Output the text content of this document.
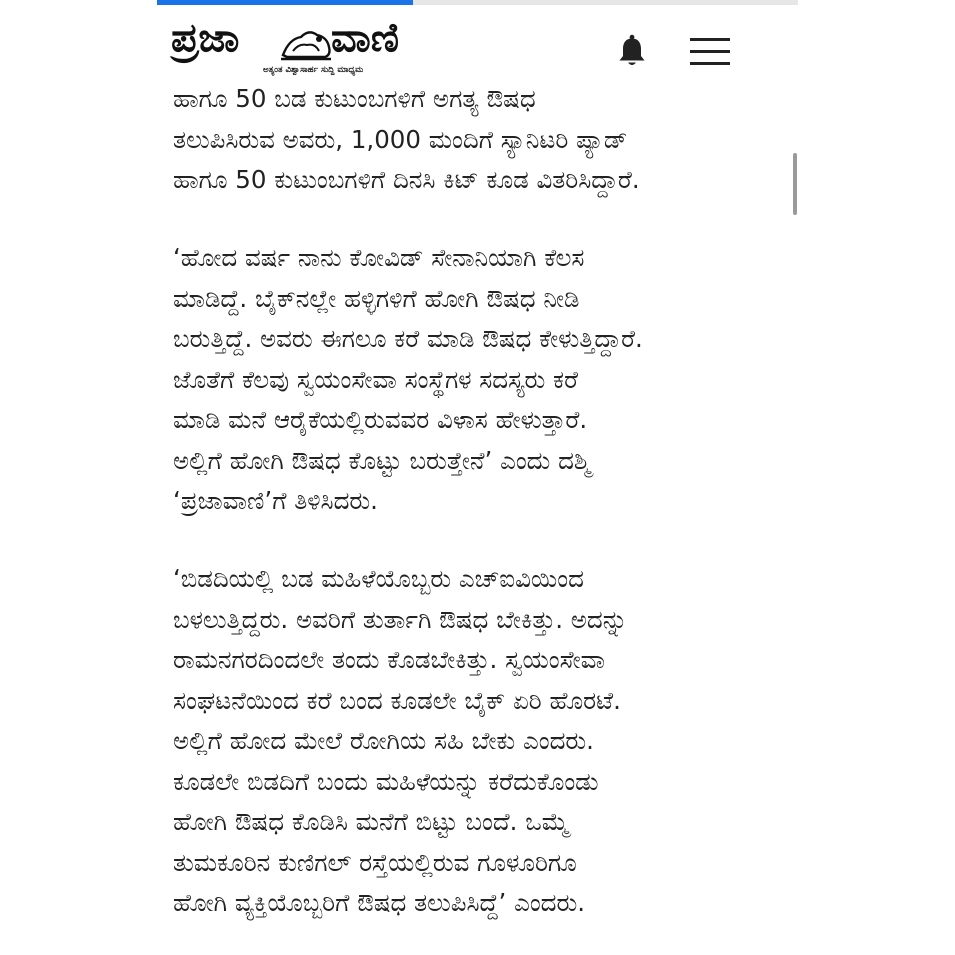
ಪ್ರಜಾ ವಾಣಿ
ಅತ್ಯಂತ ವಿಶ್ವಾಸಾರ್ಹ ಸುದ್ದಿ ಮಾಧ್ಯಮ

ಹಾಗೂ 50 ಬಡ ಕುಟುಂಬಗಳಿಗೆ ಅಗತ್ಯ ಔಷಧ

ತಲುಪಿಸಿರುವ ಅವರು, 1,000 ಮಂದಿಗೆ ಸ್ಯಾನಿಟರಿ ಪ್ಯಾಡ್

ಹಾಗೂ 50 ಕುಟುಂಬಗಳಿಗೆ ದಿನಸಿ ಕಿಟ್ ಕೂಡ ವಿತರಿಸಿದ್ದಾರೆ.

‘ಹೋದ ವರ್ಷ ನಾನು ಕೋವಿಡ್ ಸೇನಾನಿಯಾಗಿ ಕೆಲಸ

ಮಾಡಿದ್ದೆ. ಬೈಕ್‌ನಲ್ಲೇ ಹಳ್ಳಿಗಳಿಗೆ ಹೋಗಿ ಔಷಧ ನೀಡಿ

ಬರುತ್ತಿದ್ದೆ. ಅವರು ಈಗಲೂ ಕರೆ ಮಾಡಿ ಔಷಧ ಕೇಳುತ್ತಿದ್ದಾರೆ.

ಜೊತೆಗೆ ಕೆಲವು ಸ್ವಯಂಸೇವಾ ಸಂಸ್ಥೆಗಳ ಸದಸ್ಯರು ಕರೆ

ಮಾಡಿ ಮನೆ ಆರೈಕೆಯಲ್ಲಿರುವವರ ವಿಳಾಸ ಹೇಳುತ್ತಾರೆ.

ಅಲ್ಲಿಗೆ ಹೋಗಿ ಔಷಧ ಕೊಟ್ಟು ಬರುತ್ತೇನೆ’ ಎಂದು ದಶ್ಮಿ

‘ಪ್ರಜಾವಾಣಿ’ಗೆ ತಿಳಿಸಿದರು.

‘ಬಿಡದಿಯಲ್ಲಿ ಬಡ ಮಹಿಳೆಯೊಬ್ಬರು ಎಚ್‌ಐವಿಯಿಂದ

ಬಳಲುತ್ತಿದ್ದರು. ಅವರಿಗೆ ತುರ್ತಾಗಿ ಔಷಧ ಬೇಕಿತ್ತು. ಅದನ್ನು

ರಾಮನಗರದಿಂದಲೇ ತಂದು ಕೊಡಬೇಕಿತ್ತು. ಸ್ವಯಂಸೇವಾ

ಸಂಘಟನೆಯಿಂದ ಕರೆ ಬಂದ ಕೂಡಲೇ ಬೈಕ್ ಏರಿ ಹೊರಟೆ.

ಅಲ್ಲಿಗೆ ಹೋದ ಮೇಲೆ ರೋಗಿಯ ಸಹಿ ಬೇಕು ಎಂದರು.

ಕೂಡಲೇ ಬಿಡದಿಗೆ ಬಂದು ಮಹಿಳೆಯನ್ನು ಕರೆದುಕೊಂಡು

ಹೋಗಿ ಔಷಧ ಕೊಡಿಸಿ ಮನೆಗೆ ಬಿಟ್ಟು ಬಂದೆ. ಒಮ್ಮೆ

ತುಮಕೂರಿನ ಕುಣಿಗಲ್ ರಸ್ತೆಯಲ್ಲಿರುವ ಗೂಳೂರಿಗೂ

ಹೋಗಿ ವ್ಯಕ್ತಿಯೊಬ್ಬರಿಗೆ ಔಷಧ ತಲುಪಿಸಿದ್ದೆ’ ಎಂದರು.
